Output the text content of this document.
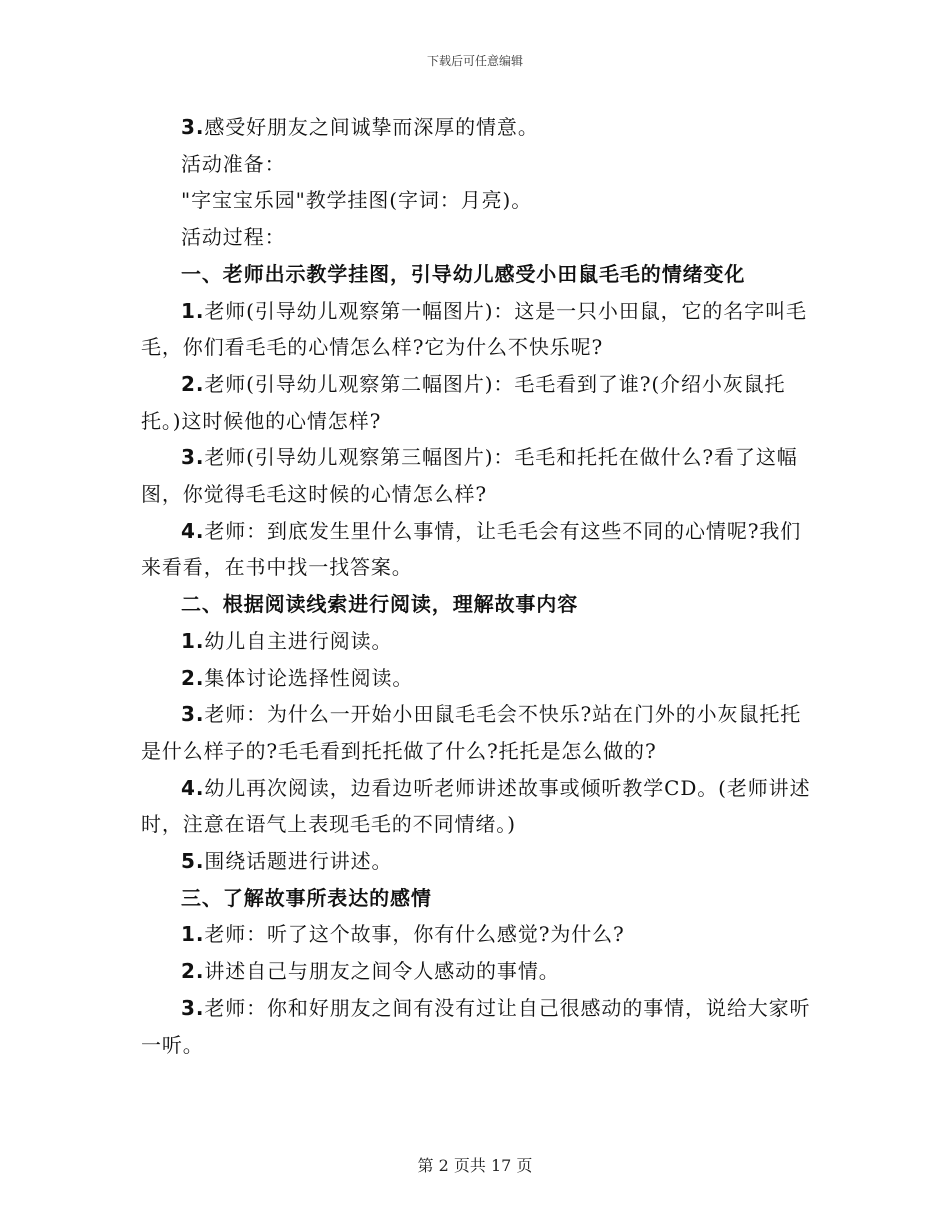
下载后可任意编辑

3.感受好朋友之间诚挚而深厚的情意。

活动准备：

"字宝宝乐园"教学挂图(字词：月亮)。

活动过程：

一、老师出示教学挂图，引导幼儿感受小田鼠毛毛的情绪变化

1.老师(引导幼儿观察第一幅图片)：这是一只小田鼠，它的名字叫毛毛，你们看毛毛的心情怎么样?它为什么不快乐呢?

2.老师(引导幼儿观察第二幅图片)：毛毛看到了谁?(介绍小灰鼠托托。)这时候他的心情怎样?

3.老师(引导幼儿观察第三幅图片)：毛毛和托托在做什么?看了这幅图，你觉得毛毛这时候的心情怎么样?

4.老师：到底发生里什么事情，让毛毛会有这些不同的心情呢?我们来看看，在书中找一找答案。

二、根据阅读线索进行阅读，理解故事内容

1.幼儿自主进行阅读。

2.集体讨论选择性阅读。

3.老师：为什么一开始小田鼠毛毛会不快乐?站在门外的小灰鼠托托是什么样子的?毛毛看到托托做了什么?托托是怎么做的?

4.幼儿再次阅读，边看边听老师讲述故事或倾听教学CD。(老师讲述时，注意在语气上表现毛毛的不同情绪。)

5.围绕话题进行讲述。

三、了解故事所表达的感情

1.老师：听了这个故事，你有什么感觉?为什么?

2.讲述自己与朋友之间令人感动的事情。

3.老师：你和好朋友之间有没有过让自己很感动的事情，说给大家听一听。

第 2 页共 17 页
